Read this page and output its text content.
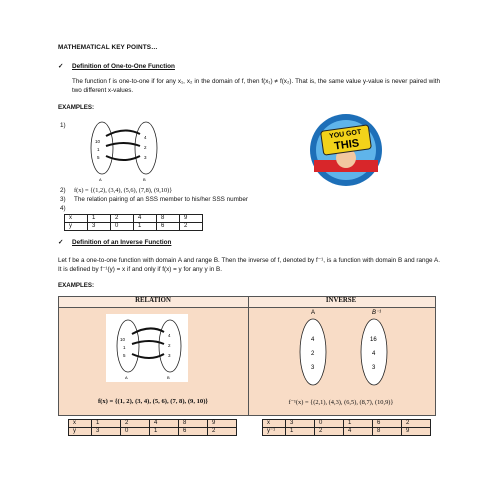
MATHEMATICAL KEY POINTS…
✓ Definition of One-to-One Function
The function f is one-to-one if for any x₁, x₂ in the domain of f, then f(x₁) ≠ f(x₂). That is, the same value y-value is never paired with two different x-values.
EXAMPLES:
1)
10
1
5
4
2
3
A	B
YOU GOT
THIS
2) f(x) = {(1,2), (3,4), (5,6), (7,8), (9,10)}
3) The relation pairing of an SSS member to his/her SSS number
4)
x	1	2	4	8	9
y	3	0	1	6	2
✓ Definition of an Inverse Function
Let f be a one-to-one function with domain A and range B. Then the inverse of f, denoted by f⁻¹, is a function with domain B and range A. It is defined by f⁻¹(y) = x if and only if f(x) = y for any y in B.
EXAMPLES:
RELATION	INVERSE
10
1
5
4
2
3
A	B
A	B⁻¹
4
2
3
16
4
3
f(x) = {(1, 2), (3, 4), (5, 6), (7, 8), (9, 10)}	f⁻¹(x) = {(2,1), (4,3), (6,5), (8,7), (10,9)}
x	1	2	4	8	9
y	3	0	1	6	2
x	3	0	1	6	2
y⁻¹	1	2	4	8	9
